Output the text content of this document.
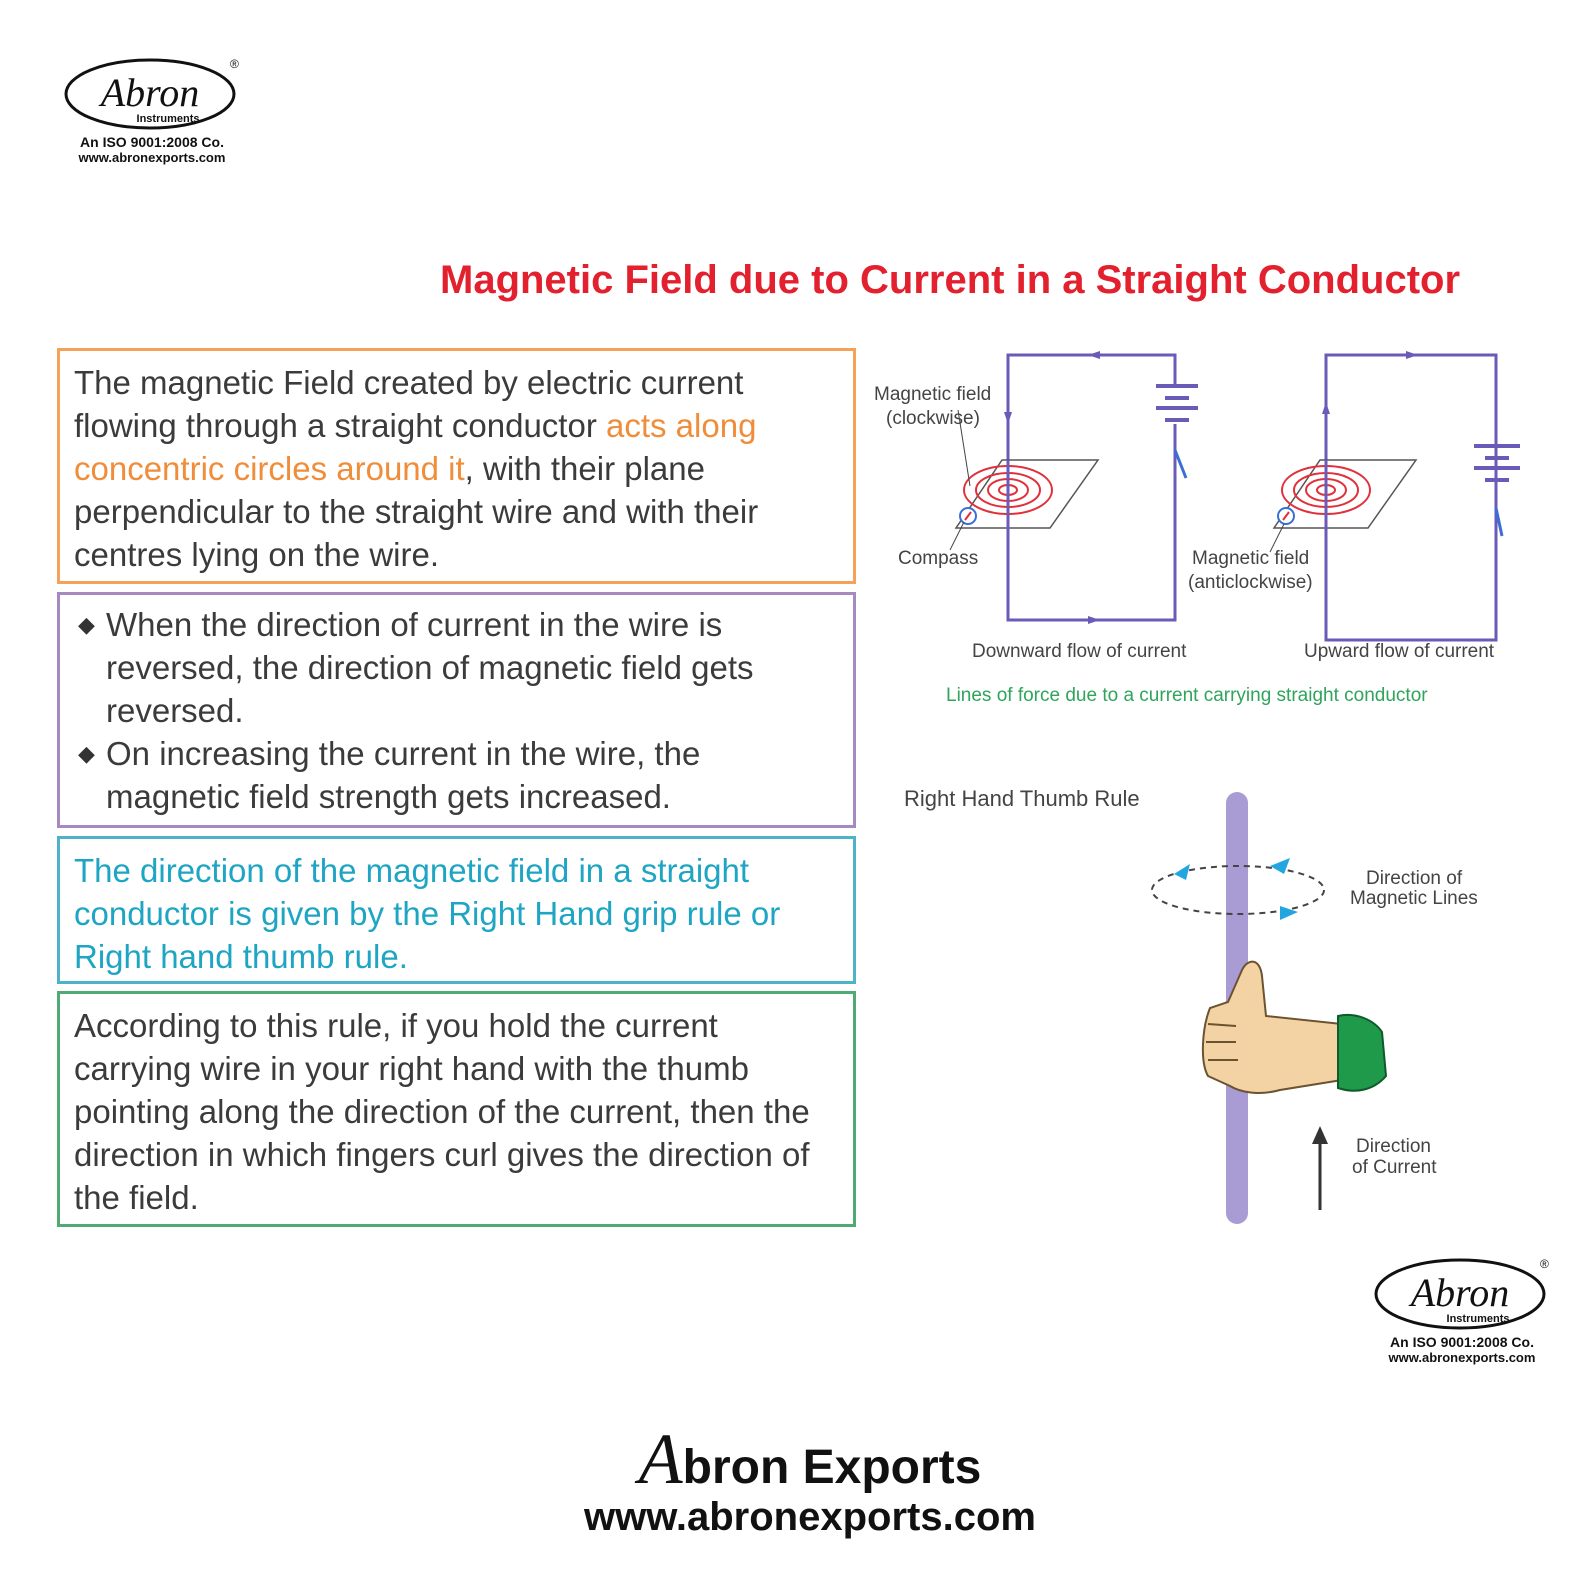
Abron
®
Instruments
An ISO 9001:2008 Co.
www.abronexports.com
Magnetic Field due to Current in a Straight Conductor
The magnetic Field created by electric current flowing through a straight conductor acts along concentric circles around it, with their plane perpendicular to the straight wire and with their centres lying on the wire.
◆ When the direction of current in the wire is reversed, the direction of magnetic field gets reversed.
◆ On increasing the current in the wire, the magnetic field strength gets increased.
The direction of the magnetic field in a straight conductor is given by the Right Hand grip rule or Right hand thumb rule.
According to this rule, if you hold the current carrying wire in your right hand with the thumb pointing along the direction of the current, then the direction in which fingers curl gives the direction of the field.
Magnetic field
(clockwise)
Compass	Magnetic field
(anticlockwise)
Downward flow of current	Upward flow of current
Lines of force due to a current carrying straight conductor
Right Hand Thumb Rule
Direction of
Magnetic Lines
Direction
of Current
Abron
®
Instruments
An ISO 9001:2008 Co.
www.abronexports.com
Abron Exports
www.abronexports.com
